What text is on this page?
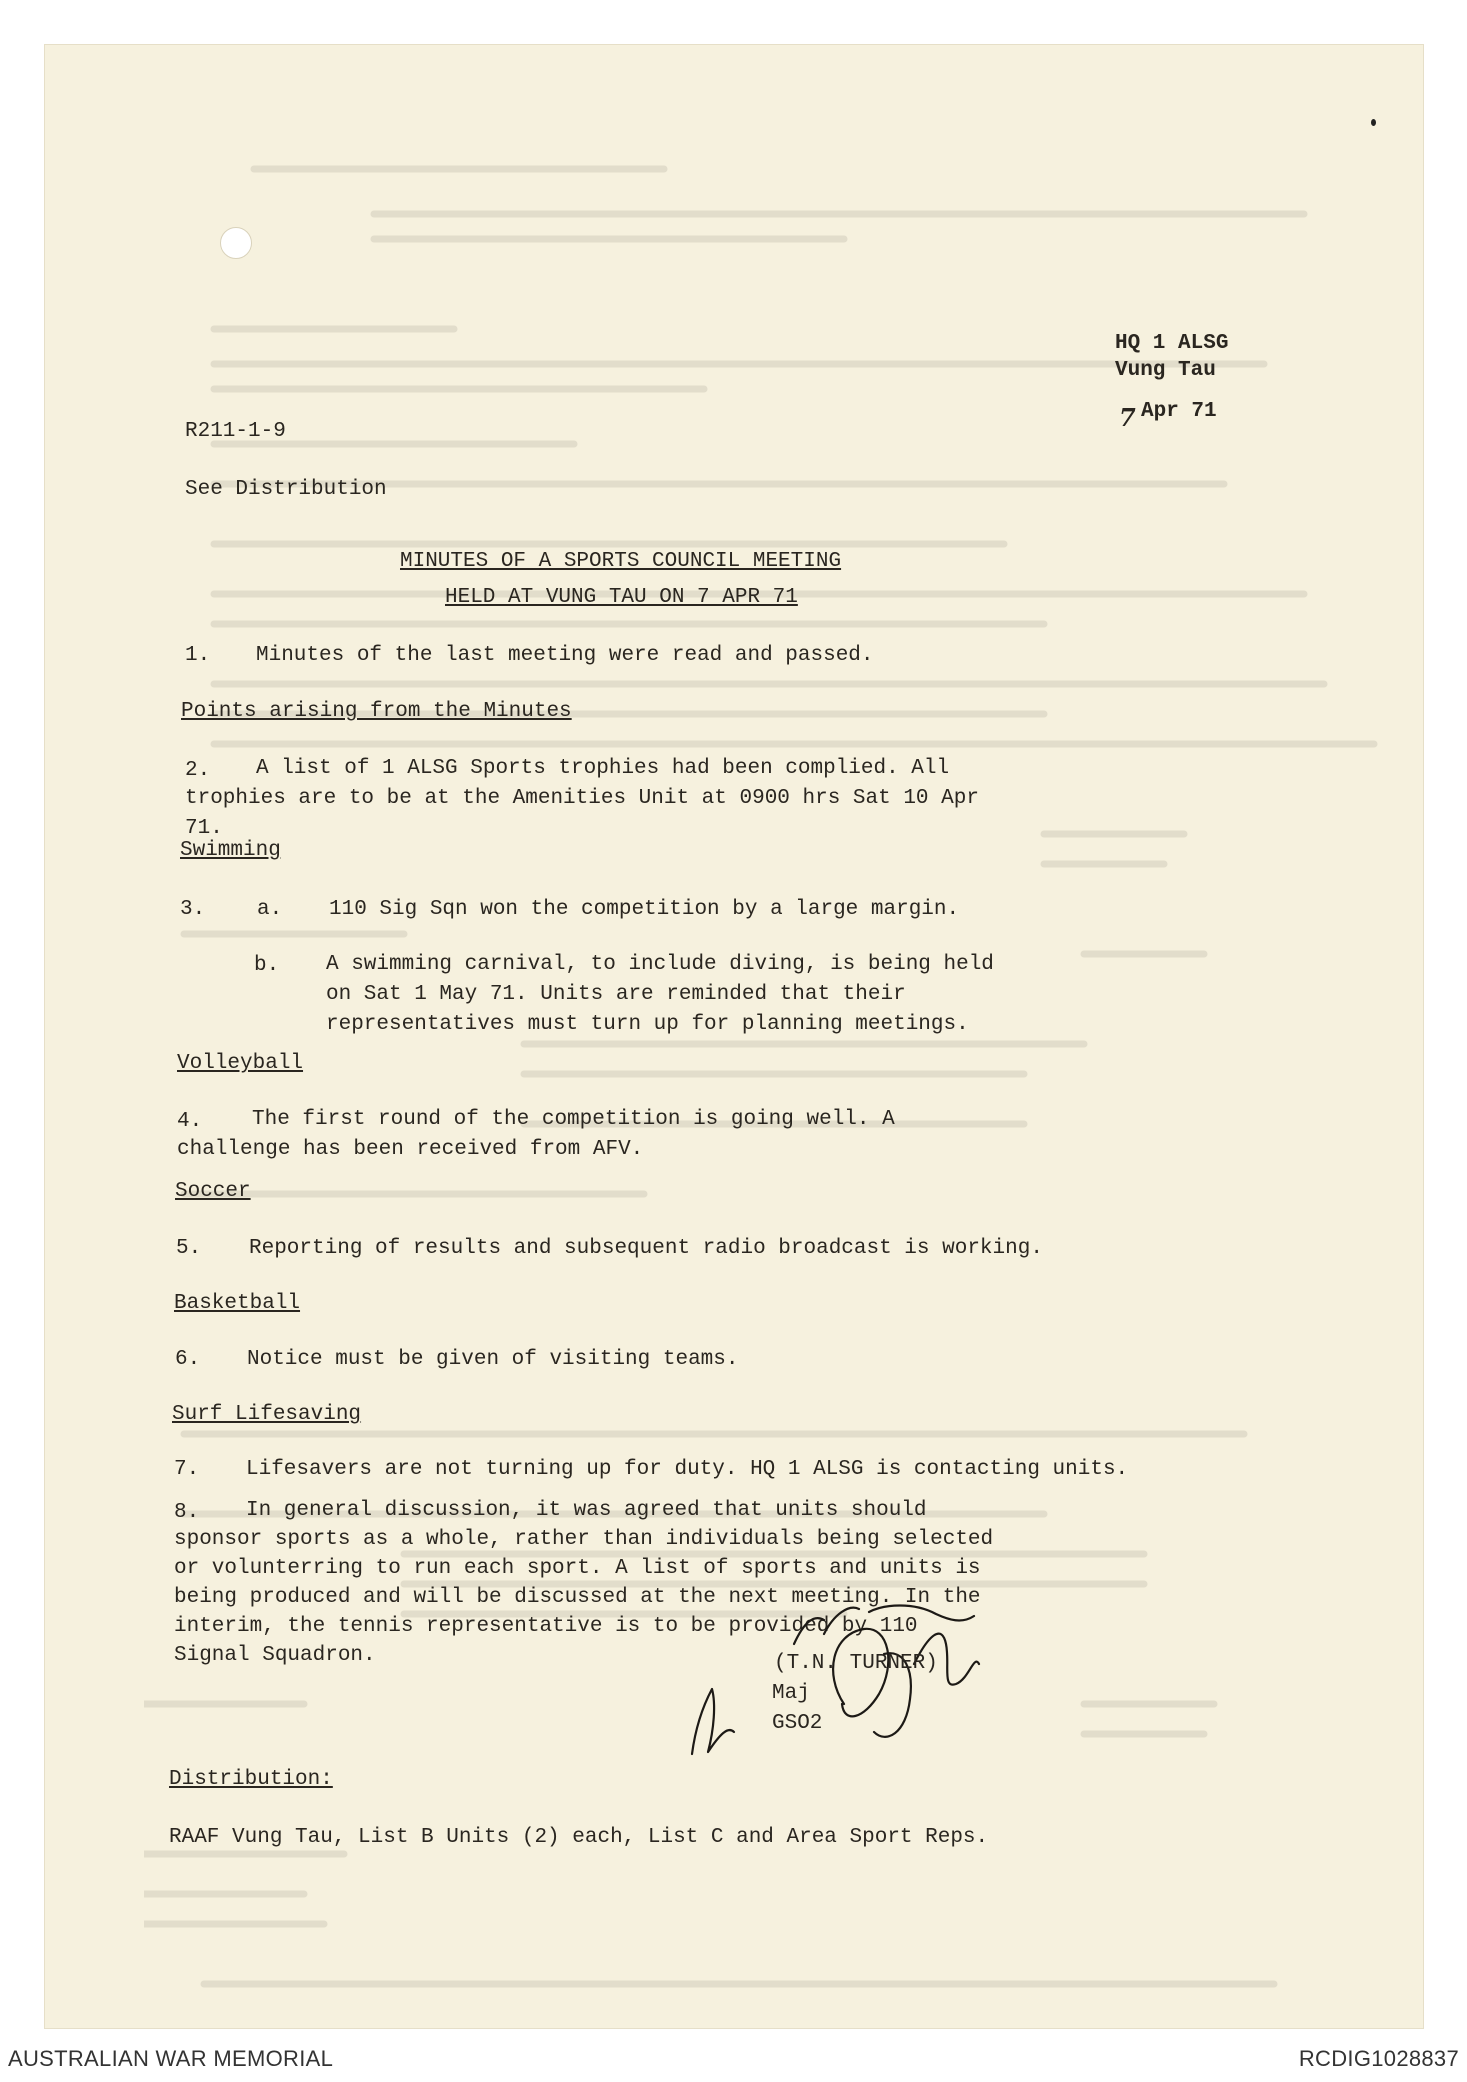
HQ 1 ALSG
Vung Tau
7 Apr 71
R211-1-9
See Distribution
MINUTES OF A SPORTS COUNCIL MEETING
HELD AT VUNG TAU ON 7 APR 71
1. Minutes of the last meeting were read and passed.
Points arising from the Minutes
2.	A list of 1 ALSG Sports trophies had been complied. All trophies are to be at the Amenities Unit at 0900 hrs Sat 10 Apr 71.
Swimming
3. a. 110 Sig Sqn won the competition by a large margin.
b. A swimming carnival, to include diving, is being held on Sat 1 May 71. Units are reminded that their representatives must turn up for planning meetings.
Volleyball
4.	The first round of the competition is going well. A challenge has been received from AFV.
Soccer
5. Reporting of results and subsequent radio broadcast is working.
Basketball
6. Notice must be given of visiting teams.
Surf Lifesaving
7. Lifesavers are not turning up for duty. HQ 1 ALSG is contacting units.
8.	In general discussion, it was agreed that units should sponsor sports as a whole, rather than individuals being selected or volunterring to run each sport. A list of sports and units is being produced and will be discussed at the next meeting. In the interim, the tennis representative is to be provided by 110 Signal Squadron.	(T.N. TURNER)
Maj
GSO2
Distribution:
RAAF Vung Tau, List B Units (2) each, List C and Area Sport Reps.
AUSTRALIAN WAR MEMORIAL	RCDIG1028837
